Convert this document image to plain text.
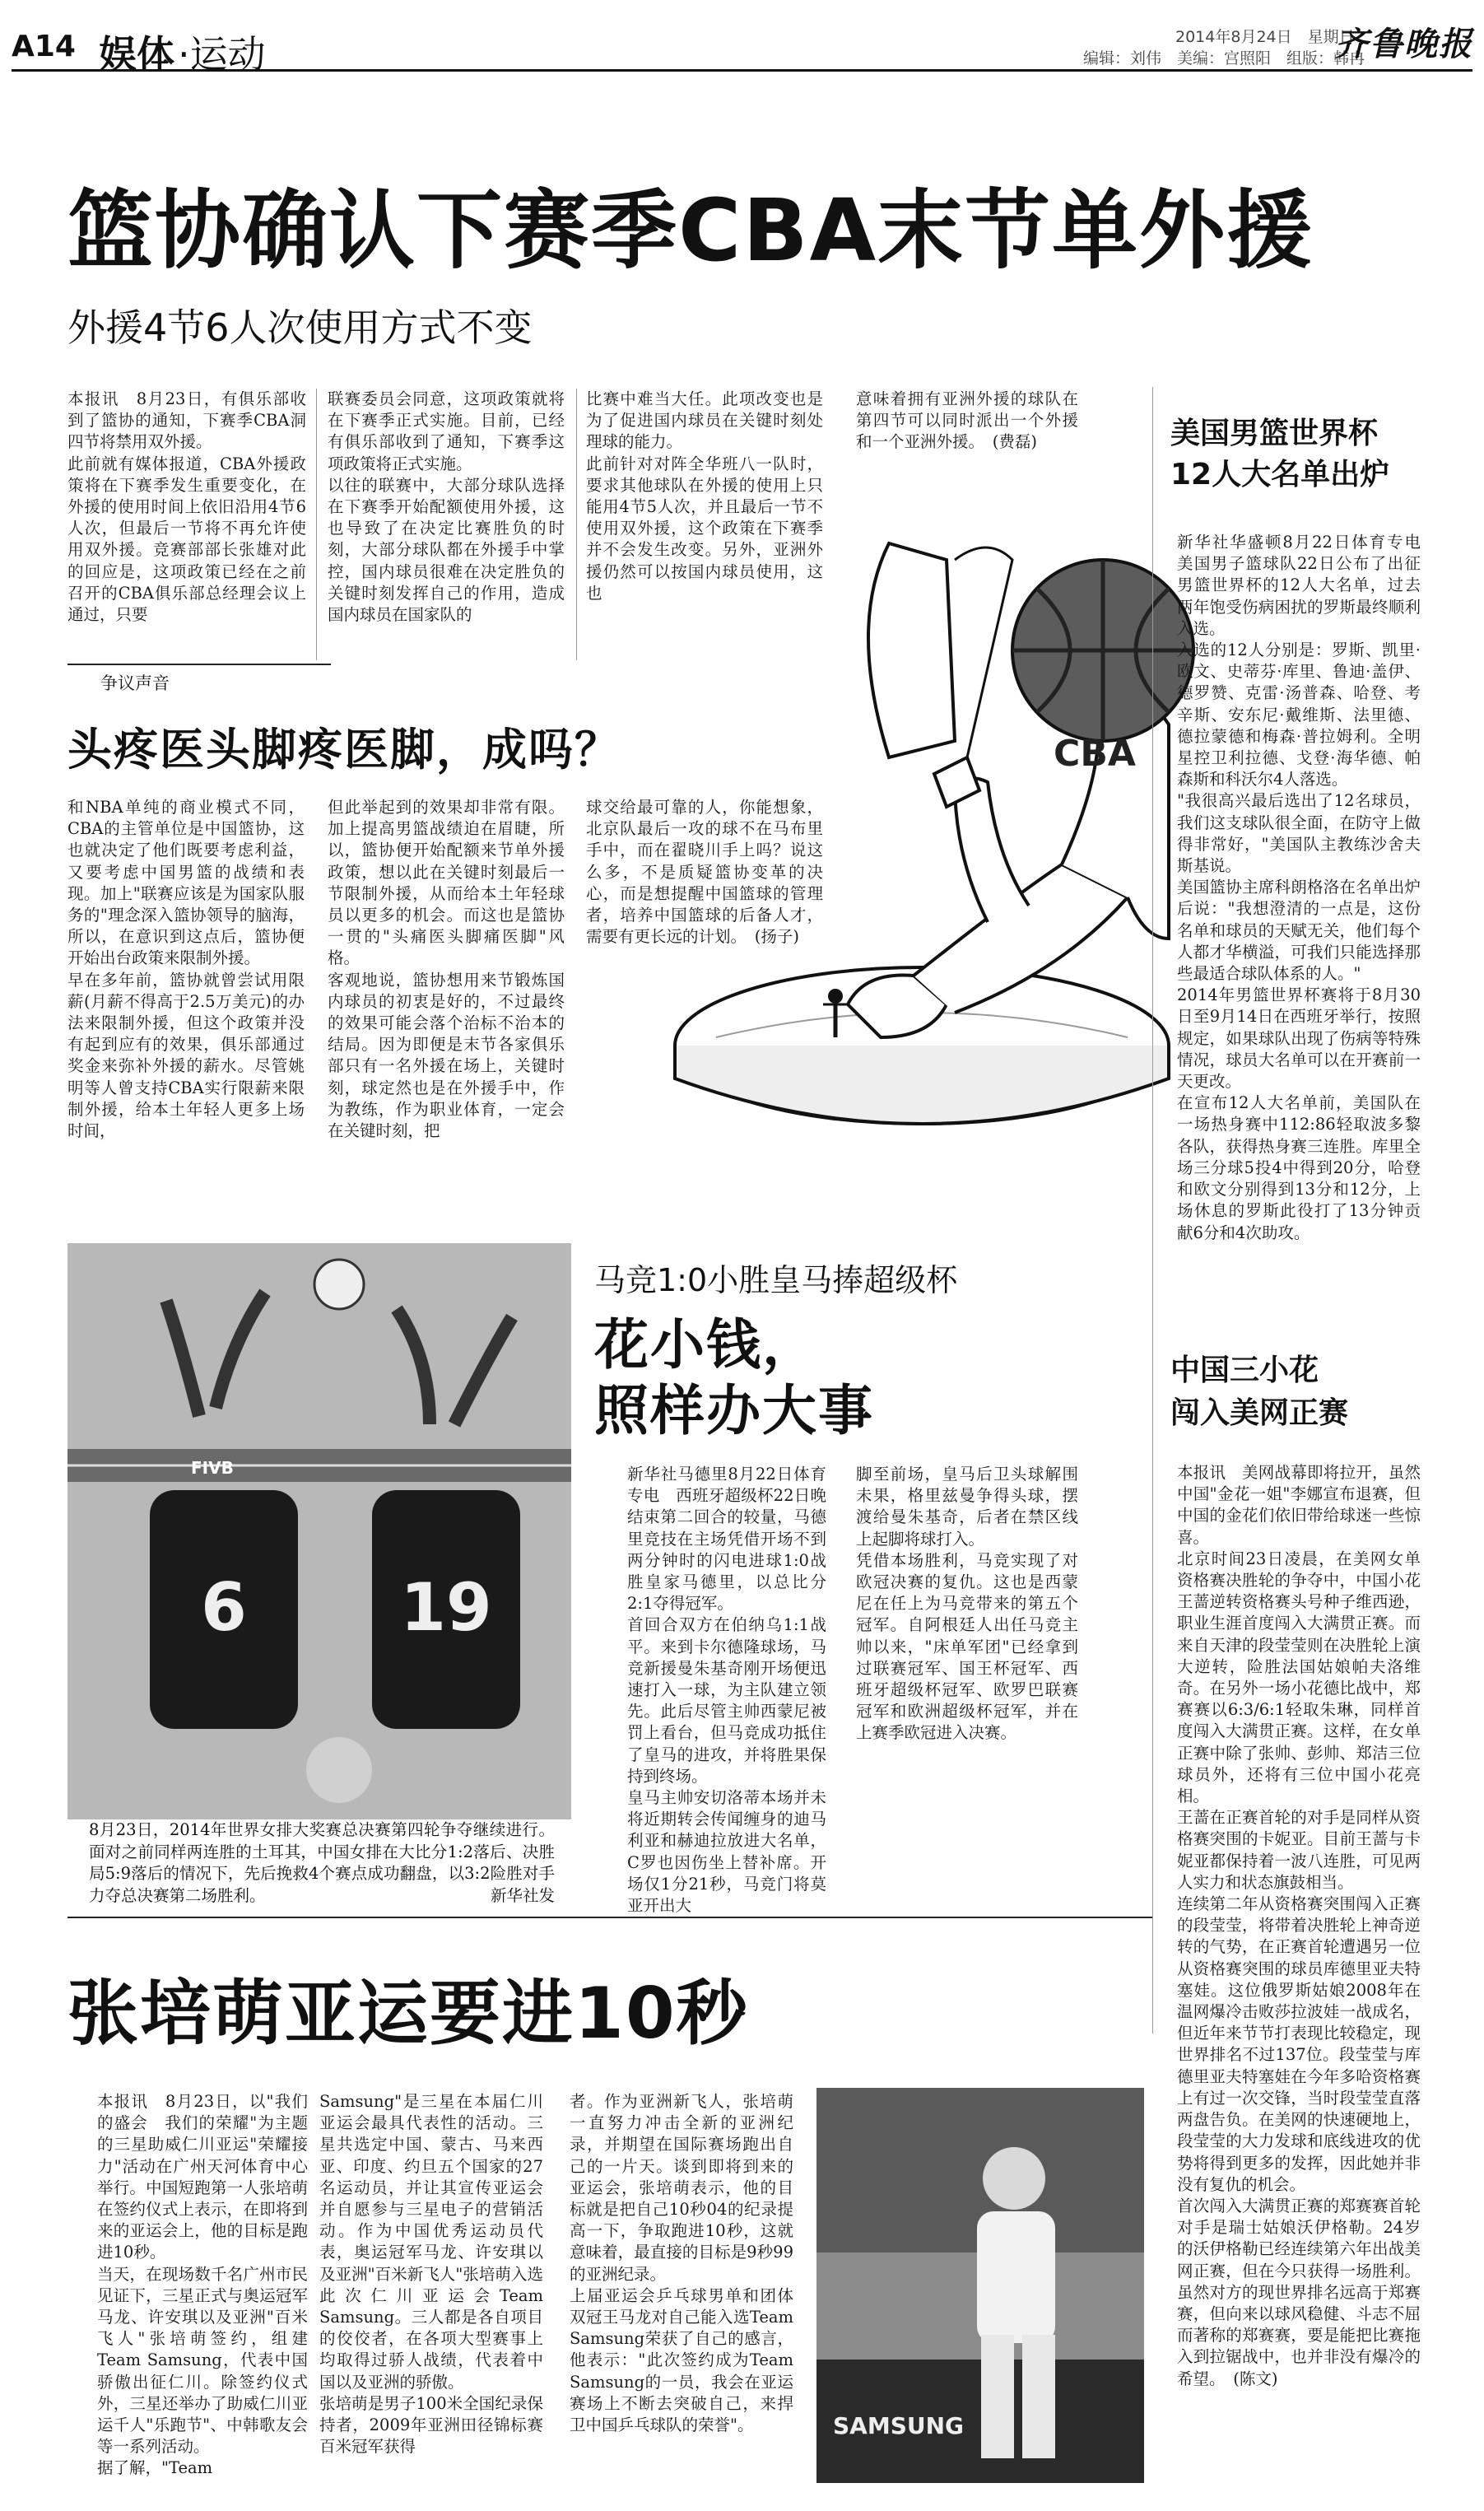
A14 娱体 ·运动	2014年8月24日　星期日
编辑：刘伟　美编：宫照阳　组版：韩冉
齐鲁晚报
篮协确认下赛季CBA末节单外援
外援4节6人次使用方式不变
本报讯　8月23日，有俱乐部收到了篮协的通知，下赛季CBA洞四节将禁用双外援。
此前就有媒体报道，CBA外援政策将在下赛季发生重要变化，在外援的使用时间上依旧沿用4节6人次，但最后一节将不再允许使用双外援。竞赛部部长张雄对此的回应是，这项政策已经在之前召开的CBA俱乐部总经理会议上通过，只要
联赛委员会同意，这项政策就将在下赛季正式实施。目前，已经有俱乐部收到了通知，下赛季这项政策将正式实施。
以往的联赛中，大部分球队选择在下赛季开始配额使用外援，这也导致了在决定比赛胜负的时刻，大部分球队都在外援手中掌控，国内球员很难在决定胜负的关键时刻发挥自己的作用，造成国内球员在国家队的
比赛中难当大任。此项改变也是为了促进国内球员在关键时刻处理球的能力。
此前针对对阵全华班八一队时，要求其他球队在外援的使用上只能用4节5人次，并且最后一节不使用双外援，这个政策在下赛季并不会发生改变。另外，亚洲外援仍然可以按国内球员使用，这也
意味着拥有亚洲外援的球队在第四节可以同时派出一个外援和一个亚洲外援。　(费磊)
CBA
争议声音
头疼医头脚疼医脚，成吗？
和NBA单纯的商业模式不同，CBA的主管单位是中国篮协，这也就决定了他们既要考虑利益，又要考虑中国男篮的战绩和表现。加上"联赛应该是为国家队服务的"理念深入篮协领导的脑海，所以，在意识到这点后，篮协便开始出台政策来限制外援。
早在多年前，篮协就曾尝试用限薪(月薪不得高于2.5万美元)的办法来限制外援，但这个政策并没有起到应有的效果，俱乐部通过奖金来弥补外援的薪水。尽管姚明等人曾支持CBA实行限薪来限制外援，给本土年轻人更多上场时间，
但此举起到的效果却非常有限。加上提高男篮战绩迫在眉睫，所以，篮协便开始配额来节单外援政策，想以此在关键时刻最后一节限制外援，从而给本土年轻球员以更多的机会。而这也是篮协一贯的"头痛医头脚痛医脚"风格。
客观地说，篮协想用来节锻炼国内球员的初衷是好的，不过最终的效果可能会落个治标不治本的结局。因为即便是末节各家俱乐部只有一名外援在场上，关键时刻，球定然也是在外援手中，作为教练，作为职业体育，一定会在关键时刻，把
球交给最可靠的人，你能想象，北京队最后一攻的球不在马布里手中，而在翟晓川手上吗？说这么多，不是质疑篮协变革的决心，而是想提醒中国篮球的管理者，培养中国篮球的后备人才，需要有更长远的计划。　(扬子)
美国男篮世界杯
12人大名单出炉
新华社华盛顿8月22日体育专电　美国男子篮球队22日公布了出征男篮世界杯的12人大名单，过去两年饱受伤病困扰的罗斯最终顺利入选。
入选的12人分别是：罗斯、凯里·欧文、史蒂芬·库里、鲁迪·盖伊、德罗赞、克雷·汤普森、哈登、考辛斯、安东尼·戴维斯、法里德、德拉蒙德和梅森·普拉姆利。全明星控卫利拉德、戈登·海华德、帕森斯和科沃尔4人落选。
"我很高兴最后选出了12名球员，我们这支球队很全面，在防守上做得非常好，"美国队主教练沙舍夫斯基说。
美国篮协主席科朗格洛在名单出炉后说："我想澄清的一点是，这份名单和球员的天赋无关，他们每个人都才华横溢，可我们只能选择那些最适合球队体系的人。"
2014年男篮世界杯赛将于8月30日至9月14日在西班牙举行，按照规定，如果球队出现了伤病等特殊情况，球员大名单可以在开赛前一天更改。
在宣布12人大名单前，美国队在一场热身赛中112:86轻取波多黎各队，获得热身赛三连胜。库里全场三分球5投4中得到20分，哈登和欧文分别得到13分和12分，上场休息的罗斯此役打了13分钟贡献6分和4次助攻。
6 19
FIVB
8月23日，2014年世界女排大奖赛总决赛第四轮争夺继续进行。面对之前同样两连胜的土耳其，中国女排在大比分1:2落后、决胜局5:9落后的情况下，先后挽救4个赛点成功翻盘，以3:2险胜对手力夺总决赛第二场胜利。	新华社发
马竞1:0小胜皇马捧超级杯
花小钱，
照样办大事
新华社马德里8月22日体育专电　西班牙超级杯22日晚结束第二回合的较量，马德里竞技在主场凭借开场不到两分钟时的闪电进球1:0战胜皇家马德里，以总比分2:1夺得冠军。
首回合双方在伯纳乌1:1战平。来到卡尔德隆球场，马竞新援曼朱基奇刚开场便迅速打入一球，为主队建立领先。此后尽管主帅西蒙尼被罚上看台，但马竞成功抵住了皇马的进攻，并将胜果保持到终场。
皇马主帅安切洛蒂本场并未将近期转会传闻缠身的迪马利亚和赫迪拉放进大名单，C罗也因伤坐上替补席。开场仅1分21秒，马竞门将莫亚开出大
脚至前场，皇马后卫头球解围未果，格里兹曼争得头球，摆渡给曼朱基奇，后者在禁区线上起脚将球打入。
凭借本场胜利，马竞实现了对欧冠决赛的复仇。这也是西蒙尼在任上为马竞带来的第五个冠军。自阿根廷人出任马竞主帅以来，"床单军团"已经拿到过联赛冠军、国王杯冠军、西班牙超级杯冠军、欧罗巴联赛冠军和欧洲超级杯冠军，并在上赛季欧冠进入决赛。
中国三小花
闯入美网正赛
本报讯　美网战幕即将拉开，虽然中国"金花一姐"李娜宣布退赛，但中国的金花们依旧带给球迷一些惊喜。
北京时间23日凌晨，在美网女单资格赛决胜轮的争夺中，中国小花王蔷逆转资格赛头号种子维西逊，职业生涯首度闯入大满贯正赛。而来自天津的段莹莹则在决胜轮上演大逆转，险胜法国姑娘帕夫洛维奇。在另外一场小花德比战中，郑赛赛以6:3/6:1轻取朱琳，同样首度闯入大满贯正赛。这样，在女单正赛中除了张帅、彭帅、郑洁三位球员外，还将有三位中国小花亮相。
王蔷在正赛首轮的对手是同样从资格赛突围的卡妮亚。目前王蔷与卡妮亚都保持着一波八连胜，可见两人实力和状态旗鼓相当。
连续第二年从资格赛突围闯入正赛的段莹莹，将带着决胜轮上神奇逆转的气势，在正赛首轮遭遇另一位从资格赛突围的球员库德里亚夫特塞娃。这位俄罗斯姑娘2008年在温网爆冷击败莎拉波娃一战成名，但近年来节节打表现比较稳定，现世界排名不过137位。段莹莹与库德里亚夫特塞娃在今年多哈资格赛上有过一次交锋，当时段莹莹直落两盘告负。在美网的快速硬地上，段莹莹的大力发球和底线进攻的优势将得到更多的发挥，因此她并非没有复仇的机会。
首次闯入大满贯正赛的郑赛赛首轮对手是瑞士姑娘沃伊格勒。24岁的沃伊格勒已经连续第六年出战美网正赛，但在今只获得一场胜利。虽然对方的现世界排名远高于郑赛赛，但向来以球风稳健、斗志不屈而著称的郑赛赛，要是能把比赛拖入到拉锯战中，也并非没有爆冷的希望。　(陈文)
张培萌亚运要进10秒
本报讯　8月23日，以"我们的盛会　我们的荣耀"为主题的三星助威仁川亚运"荣耀接力"活动在广州天河体育中心举行。中国短跑第一人张培萌在签约仪式上表示，在即将到来的亚运会上，他的目标是跑进10秒。
当天，在现场数千名广州市民见证下，三星正式与奥运冠军马龙、许安琪以及亚洲"百米飞人"张培萌签约，组建Team Samsung，代表中国骄傲出征仁川。除签约仪式外，三星还举办了助威仁川亚运千人"乐跑节"、中韩歌友会等一系列活动。
据了解，"Team
Samsung"是三星在本届仁川亚运会最具代表性的活动。三星共选定中国、蒙古、马来西亚、印度、约旦五个国家的27名运动员，并让其宣传亚运会并自愿参与三星电子的营销活动。作为中国优秀运动员代表，奥运冠军马龙、许安琪以及亚洲"百米新飞人"张培萌入选此次仁川亚运会Team Samsung。三人都是各自项目的佼佼者，在各项大型赛事上均取得过骄人战绩，代表着中国以及亚洲的骄傲。
张培萌是男子100米全国纪录保持者，2009年亚洲田径锦标赛百米冠军获得
者。作为亚洲新飞人，张培萌一直努力冲击全新的亚洲纪录，并期望在国际赛场跑出自己的一片天。谈到即将到来的亚运会，张培萌表示，他的目标就是把自己10秒04的纪录提高一下，争取跑进10秒，这就意味着，最直接的目标是9秒99的亚洲纪录。
上届亚运会乒乓球男单和团体双冠王马龙对自己能入选Team Samsung荣获了自己的感言，他表示："此次签约成为Team Samsung的一员，我会在亚运赛场上不断去突破自己，来捍卫中国乒乓球队的荣誉"。	SAMSUNG
